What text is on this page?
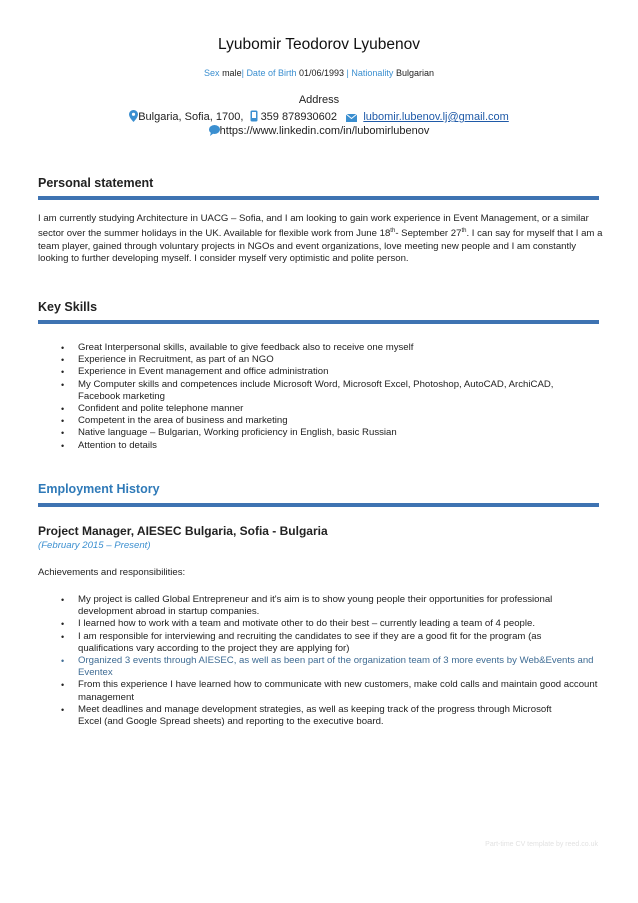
Lyubomir Teodorov Lyubenov
Sex male| Date of Birth 01/06/1993 | Nationality Bulgarian
Address
Bulgaria, Sofia, 1700, 359 878930602 lubomir.lubenov.lj@gmail.com
https://www.linkedin.com/in/lubomirlubenov
Personal statement

I am currently studying Architecture in UACG – Sofia, and I am looking to gain work experience in Event Management, or a similar sector over the summer holidays in the UK. Available for flexible work from June 18th- September 27th. I can say for myself that I am a team player, gained through voluntary projects in NGOs and event organizations, love meeting new people and I am constantly looking to further developing myself. I consider myself very optimistic and polite person.

Key Skills
• Great Interpersonal skills, available to give feedback also to receive one myself
• Experience in Recruitment, as part of an NGO
• Experience in Event management and office administration
• My Computer skills and competences include Microsoft Word, Microsoft Excel, Photoshop, AutoCAD, ArchiCAD, Facebook marketing
• Confident and polite telephone manner
• Competent in the area of business and marketing
• Native language – Bulgarian, Working proficiency in English, basic Russian
• Attention to details
Employment History
Project Manager, AIESEC Bulgaria, Sofia - Bulgaria
(February 2015 – Present)
Achievements and responsibilities:
• My project is called Global Entrepreneur and it's aim is to show young people their opportunities for professional development abroad in startup companies.
• I learned how to work with a team and motivate other to do their best – currently leading a team of 4 people.
• I am responsible for interviewing and recruiting the candidates to see if they are a good fit for the program (as qualifications vary according to the project they are applying for)
• Organized 3 events through AIESEC, as well as been part of the organization team of 3 more events by Web&Events and Eventex
• From this experience I have learned how to communicate with new customers, make cold calls and maintain good account management
• Meet deadlines and manage development strategies, as well as keeping track of the progress through Microsoft Excel (and Google Spread sheets) and reporting to the executive board.
Part-time CV template by reed.co.uk
